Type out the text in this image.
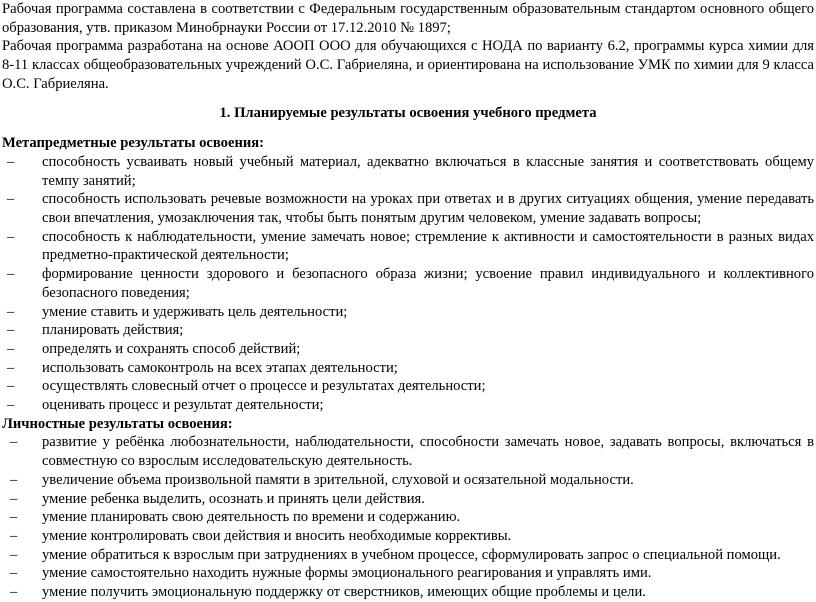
Рабочая программа составлена в соответствии с Федеральным государственным образовательным стандартом основного общего образования, утв. приказом Минобрнауки России от 17.12.2010 № 1897;

Рабочая программа разработана на основе АООП ООО для обучающихся с НОДА по варианту 6.2, программы курса химии для 8-11 классах общеобразовательных учреждений О.С. Габриеляна, и ориентирована на использование УМК по химии для 9 класса О.С. Габриеляна.

1. Планируемые результаты освоения учебного предмета

Метапредметные результаты освоения:

– способность усваивать новый учебный материал, адекватно включаться в классные занятия и соответствовать общему темпу занятий;
– способность использовать речевые возможности на уроках при ответах и в других ситуациях общения, умение передавать свои впечатления, умозаключения так, чтобы быть понятым другим человеком, умение задавать вопросы;
– способность к наблюдательности, умение замечать новое; стремление к активности и самостоятельности в разных видах предметно-практической деятельности;
– формирование ценности здорового и безопасного образа жизни; усвоение правил индивидуального и коллективного безопасного поведения;
– умение ставить и удерживать цель деятельности;
– планировать действия;
– определять и сохранять способ действий;
– использовать самоконтроль на всех этапах деятельности;
– осуществлять словесный отчет о процессе и результатах деятельности;
– оценивать процесс и результат деятельности;

Личностные результаты освоения:

– развитие у ребёнка любознательности, наблюдательности, способности замечать новое, задавать вопросы, включаться в совместную со взрослым исследовательскую деятельность.
– увеличение объема произвольной памяти в зрительной, слуховой и осязательной модальности.
– умение ребенка выделить, осознать и принять цели действия.
– умение планировать свою деятельность по времени и содержанию.
– умение контролировать свои действия и вносить необходимые коррективы.
– умение обратиться к взрослым при затруднениях в учебном процессе, сформулировать запрос о специальной помощи.
– умение самостоятельно находить нужные формы эмоционального реагирования и управлять ими.
– умение получить эмоциональную поддержку от сверстников, имеющих общие проблемы и цели.
